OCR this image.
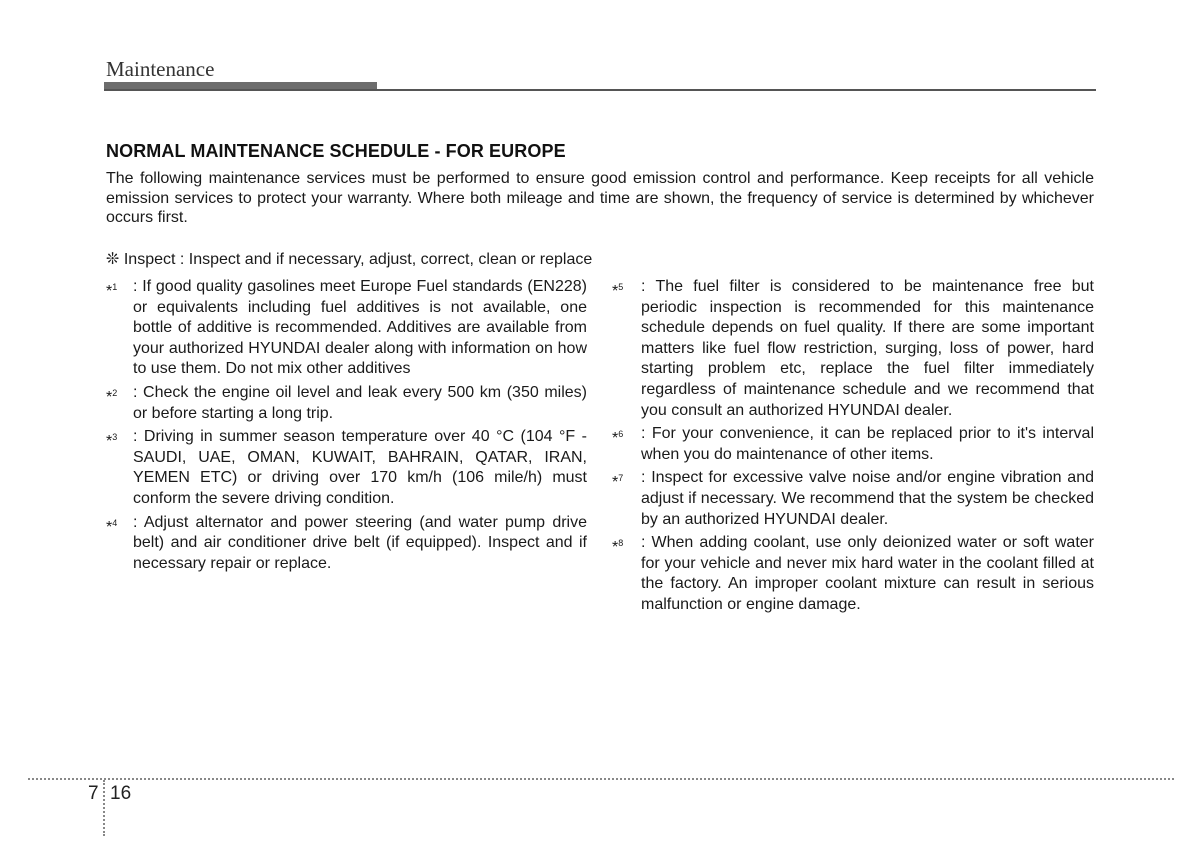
Maintenance
NORMAL MAINTENANCE SCHEDULE - FOR EUROPE

The following maintenance services must be performed to ensure good emission control and performance. Keep receipts for all vehicle emission services to protect your warranty. Where both mileage and time are shown, the frequency of service is determined by whichever occurs first.

❊ Inspect : Inspect and if necessary, adjust, correct, clean or replace

*$^1$ : If good quality gasolines meet Europe Fuel standards (EN228) or equivalents including fuel additives is not available, one bottle of additive is recommended. Additives are available from your authorized HYUNDAI dealer along with information on how to use them. Do not mix other additives

*$^2$ : Check the engine oil level and leak every 500 km (350 miles) or before starting a long trip.

*$^3$ : Driving in summer season temperature over 40 °C (104 °F - SAUDI, UAE, OMAN, KUWAIT, BAHRAIN, QATAR, IRAN, YEMEN ETC) or driving over 170 km/h (106 mile/h) must conform the severe driving condition.

*$^4$ : Adjust alternator and power steering (and water pump drive belt) and air conditioner drive belt (if equipped). Inspect and if necessary repair or replace.

*$^5$	: The fuel filter is considered to be maintenance free but periodic inspection is recommended for this maintenance schedule depends on fuel quality. If there are some important matters like fuel flow restriction, surging, loss of power, hard starting problem etc, replace the fuel filter immediately regardless of maintenance schedule and we recommend that you consult an authorized HYUNDAI dealer.

*$^6$	: For your convenience, it can be replaced prior to it's interval when you do maintenance of other items.

*$^7$	: Inspect for excessive valve noise and/or engine vibration and adjust if necessary. We recommend that the system be checked by an authorized HYUNDAI dealer.

*$^8$	: When adding coolant, use only deionized water or soft water for your vehicle and never mix hard water in the coolant filled at the factory. An improper coolant mixture can result in serious malfunction or engine damage.

7 16
